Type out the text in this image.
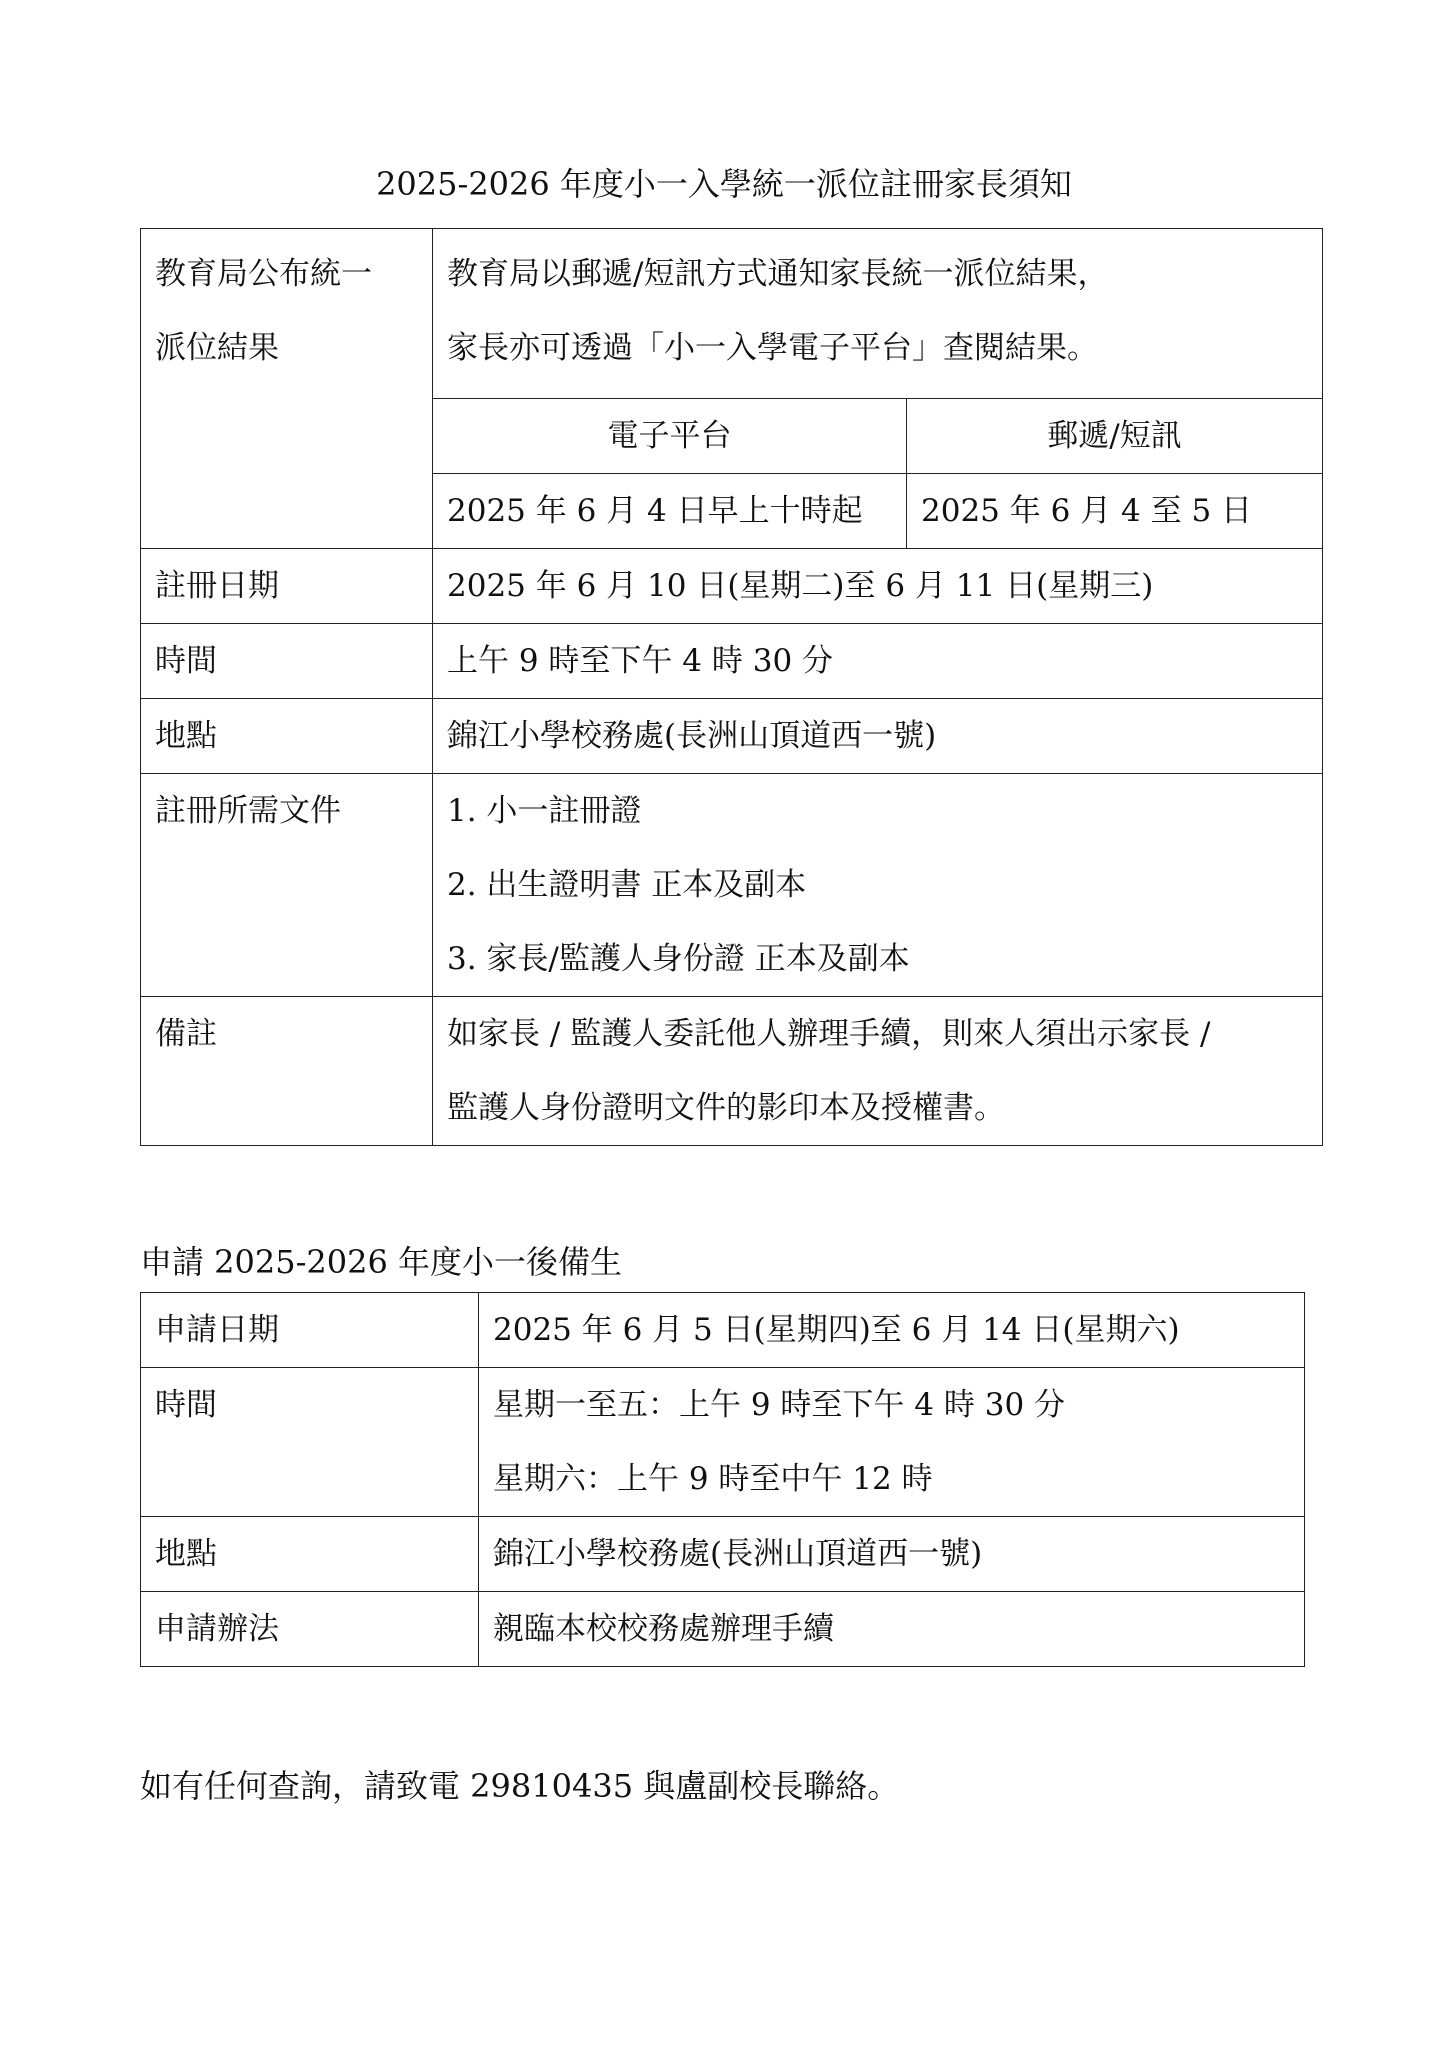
2025-2026 年度小一入學統一派位註冊家長須知
教育局公布統一
派位結果	教育局以郵遞/短訊方式通知家長統一派位結果，
家長亦可透過「小一入學電子平台」查閱結果。	

	電子平台	郵遞/短訊
	2025 年 6 月 4 日早上十時起	2025 年 6 月 4 至 5 日
註冊日期	2025 年 6 月 10 日(星期二)至 6 月 11 日(星期三)	
時間	上午 9 時至下午 4 時 30 分	
地點	錦江小學校務處(長洲山頂道西一號)	
註冊所需文件	1. 小一註冊證
2. 出生證明書 正本及副本
3. 家長/監護人身份證 正本及副本	

備註	如家長 / 監護人委託他人辦理手續，則來人須出示家長 /
監護人身份證明文件的影印本及授權書。	
申請 2025-2026 年度小一後備生
申請日期	2025 年 6 月 5 日(星期四)至 6 月 14 日(星期六)
時間	星期一至五：上午 9 時至下午 4 時 30 分
星期六：上午 9 時至中午 12 時

地點	錦江小學校務處(長洲山頂道西一號)
申請辦法	親臨本校校務處辦理手續
如有任何查詢，請致電 29810435 與盧副校長聯絡。
